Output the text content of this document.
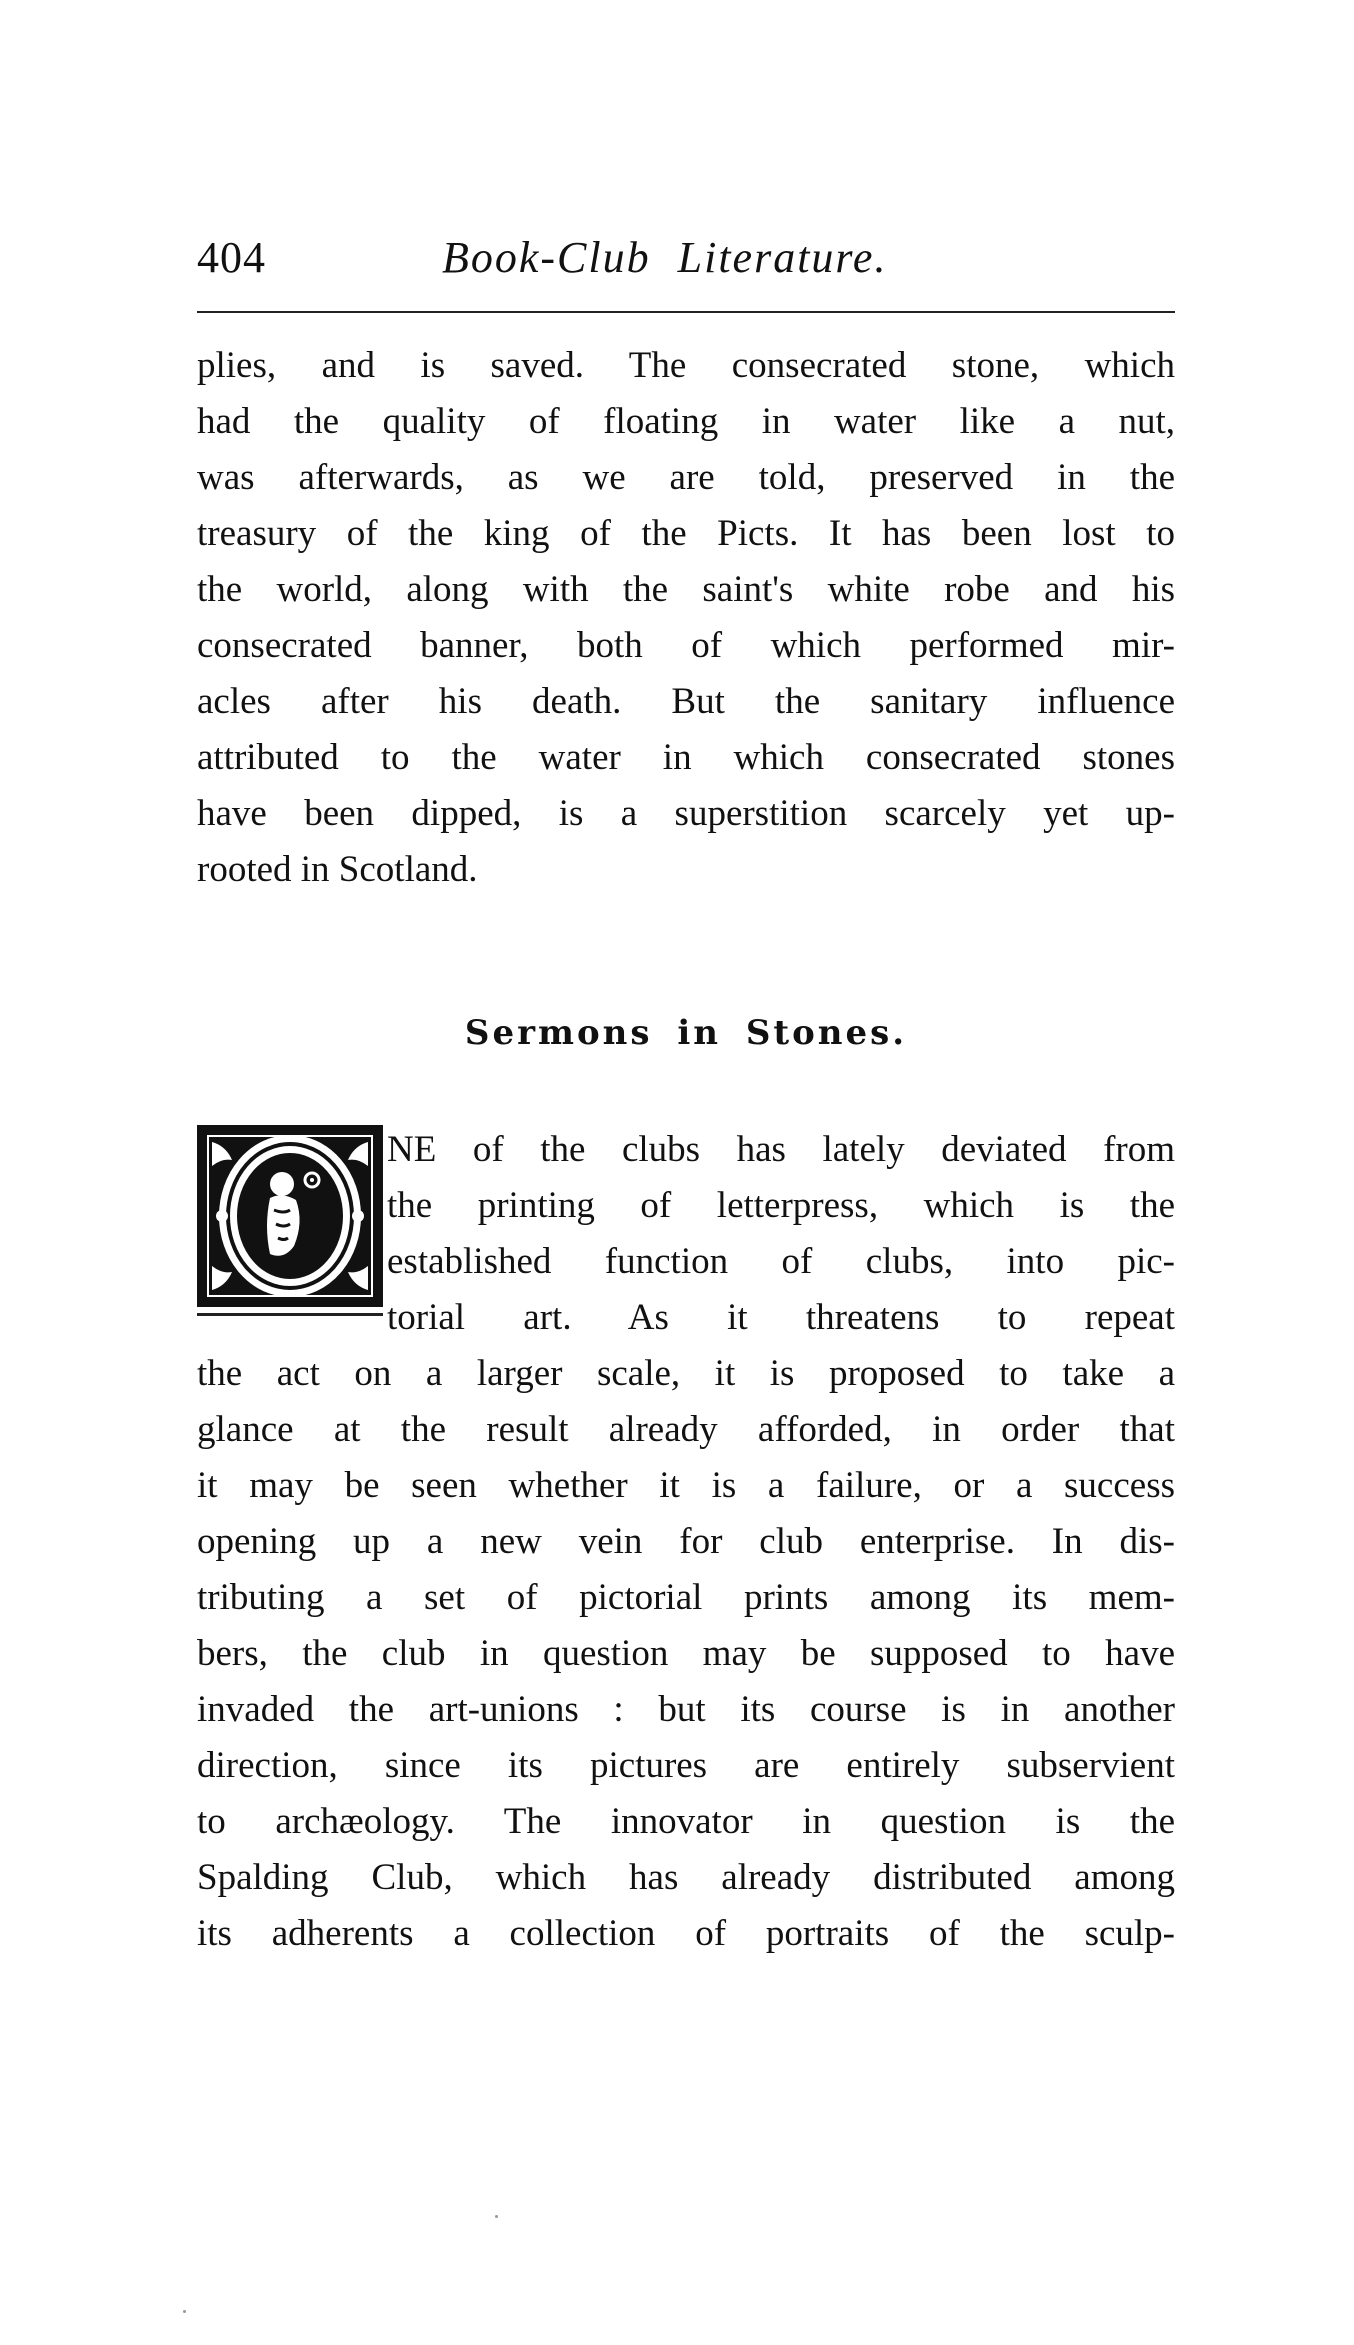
404	Book-Club Literature.
plies, and is saved. The consecrated stone, which
had the quality of floating in water like a nut,
was afterwards, as we are told, preserved in the
treasury of the king of the Picts. It has been lost to
the world, along with the saint's white robe and his
consecrated banner, both of which performed mir-
acles after his death. But the sanitary influence
attributed to the water in which consecrated stones
have been dipped, is a superstition scarcely yet up-
rooted in Scotland.
Sermons in Stones.
NE of the clubs has lately deviated from
the printing of letterpress, which is the
established function of clubs, into pic-
torial art. As it threatens to repeat
the act on a larger scale, it is proposed to take a
glance at the result already afforded, in order that
it may be seen whether it is a failure, or a success
opening up a new vein for club enterprise. In dis-
tributing a set of pictorial prints among its mem-
bers, the club in question may be supposed to have
invaded the art-unions : but its course is in another
direction, since its pictures are entirely subservient
to archæology. The innovator in question is the
Spalding Club, which has already distributed among
its adherents a collection of portraits of the sculp-
